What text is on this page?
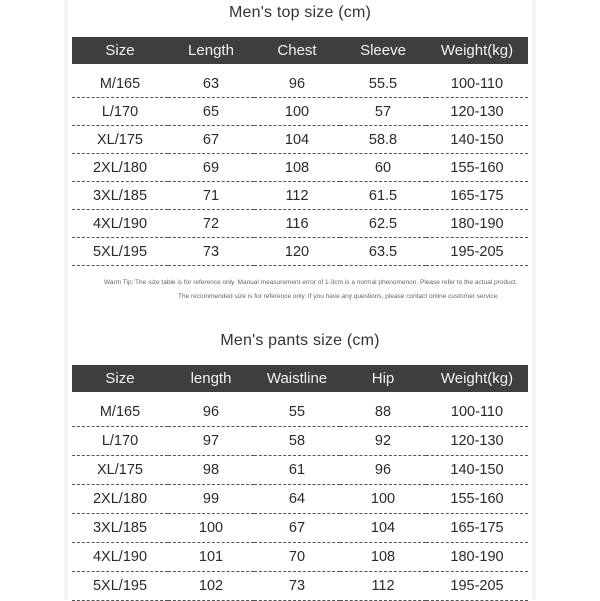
Men's top size (cm)
Size	Length	Chest	Sleeve	Weight(kg)
M/165	63	96	55.5	100-110
L/170	65	100	57	120-130
XL/175	67	104	58.8	140-150
2XL/180	69	108	60	155-160
3XL/185	71	112	61.5	165-175
4XL/190	72	116	62.5	180-190
5XL/195	73	120	63.5	195-205
Warm Tip: The size table is for reference only. Manual measurement error of 1-3cm is a normal phenomenon. Please refer to the actual product.
The recommended size is for reference only. If you have any questions, please contact online customer service.
Men's pants size (cm)
Size	length	Waistline	Hip	Weight(kg)
M/165	96	55	88	100-110
L/170	97	58	92	120-130
XL/175	98	61	96	140-150
2XL/180	99	64	100	155-160
3XL/185	100	67	104	165-175
4XL/190	101	70	108	180-190
5XL/195	102	73	112	195-205
